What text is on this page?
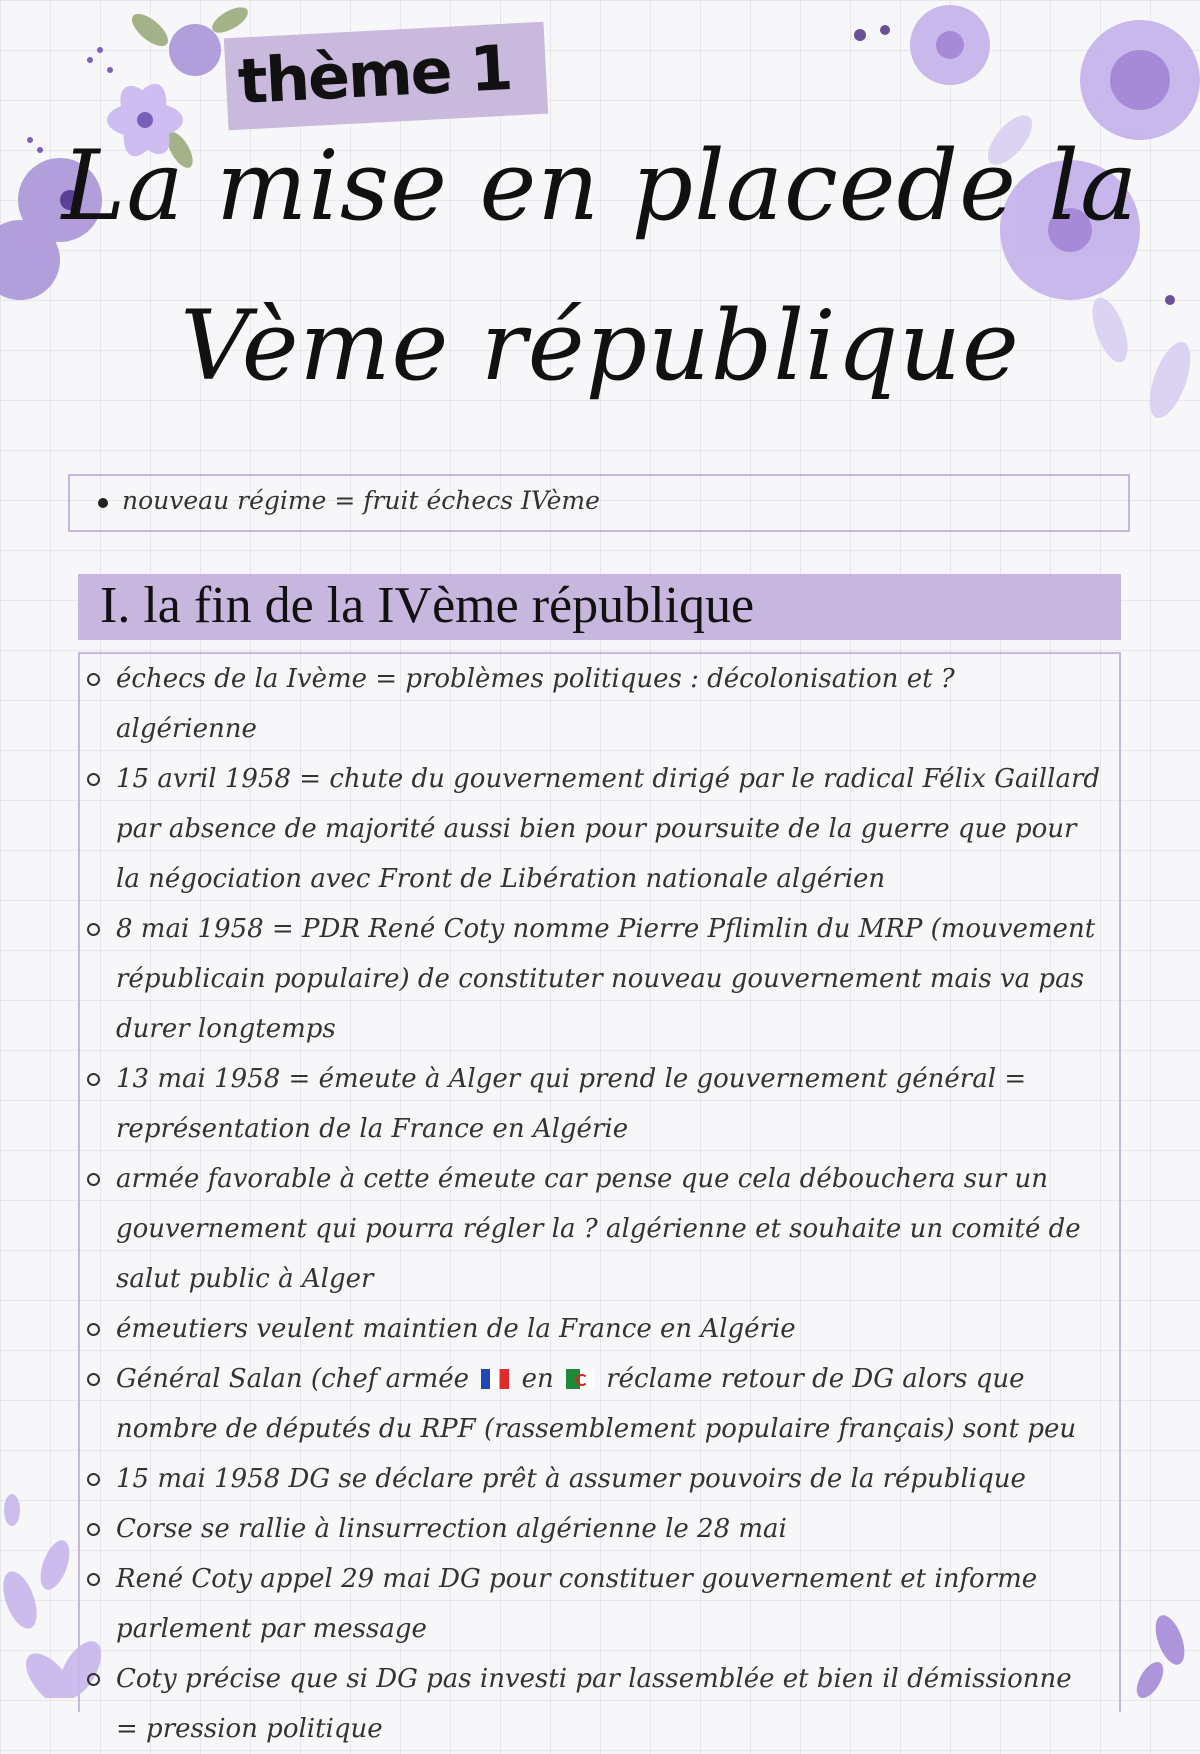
thème 1
La mise en placede la
Vème république
nouveau régime = fruit échecs IVème
I. la fin de la IVème république
échecs de la Ivème = problèmes politiques : décolonisation et ? algérienne
15 avril 1958 = chute du gouvernement dirigé par le radical Félix Gaillard par absence de majorité aussi bien pour poursuite de la guerre que pour la négociation avec Front de Libération nationale algérien
8 mai 1958 = PDR René Coty nomme Pierre Pflimlin du MRP (mouvement républicain populaire) de constituter nouveau gouvernement mais va pas durer longtemps
13 mai 1958 = émeute à Alger qui prend le gouvernement général = représentation de la France en Algérie
armée favorable à cette émeute car pense que cela débouchera sur un gouvernement qui pourra régler la ? algérienne et souhaite un comité de salut public à Alger
émeutiers veulent maintien de la France en Algérie
Général Salan (chef armée en réclame retour de DG alors que nombre de députés du RPF (rassemblement populaire français) sont peu
15 mai 1958 DG se déclare prêt à assumer pouvoirs de la république
Corse se rallie à linsurrection algérienne le 28 mai
René Coty appel 29 mai DG pour constituer gouvernement et informe parlement par message
Coty précise que si DG pas investi par lassemblée et bien il démissionne = pression politique
